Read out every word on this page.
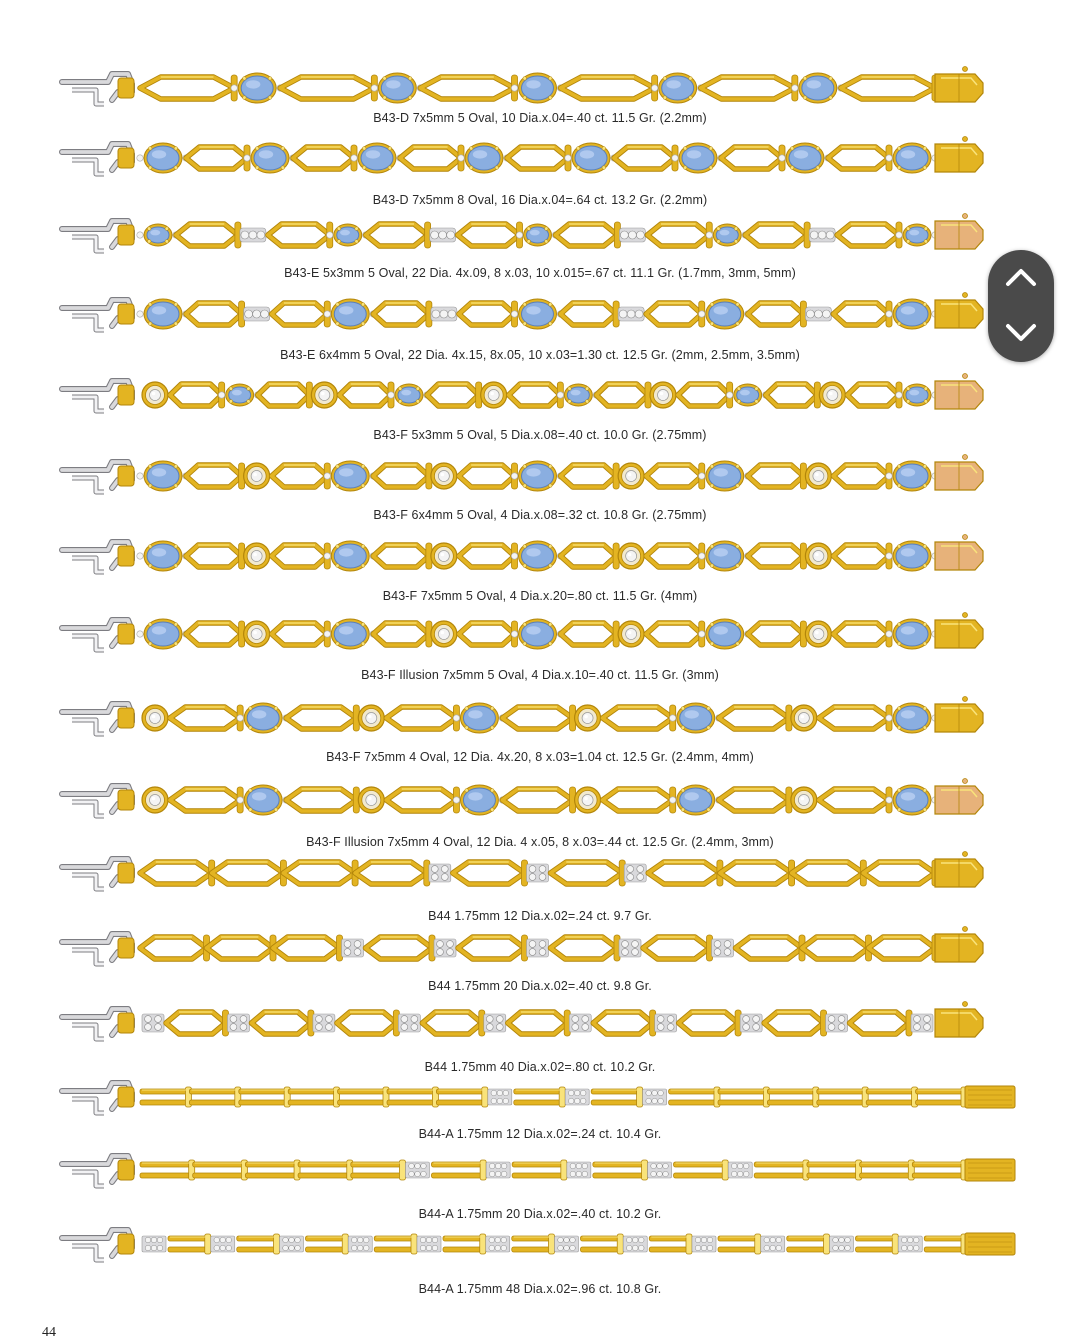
B43-D 7x5mm 5 Oval, 10 Dia.x.04=.40 ct. 11.5 Gr. (2.2mm)
B43-D 7x5mm 8 Oval, 16 Dia.x.04=.64 ct. 13.2 Gr. (2.2mm)
B43-E 5x3mm 5 Oval, 22 Dia. 4x.09, 8 x.03, 10 x.015=.67 ct. 11.1 Gr. (1.7mm, 3mm, 5mm)
B43-E 6x4mm 5 Oval, 22 Dia. 4x.15, 8x.05, 10 x.03=1.30 ct. 12.5 Gr. (2mm, 2.5mm, 3.5mm)
B43-F 5x3mm 5 Oval, 5 Dia.x.08=.40 ct. 10.0 Gr. (2.75mm)
B43-F 6x4mm 5 Oval, 4 Dia.x.08=.32 ct. 10.8 Gr. (2.75mm)
B43-F 7x5mm 5 Oval, 4 Dia.x.20=.80 ct. 11.5 Gr. (4mm)
B43-F Illusion 7x5mm 5 Oval, 4 Dia.x.10=.40 ct. 11.5 Gr. (3mm)
B43-F 7x5mm 4 Oval, 12 Dia. 4x.20, 8 x.03=1.04 ct. 12.5 Gr. (2.4mm, 4mm)
B43-F Illusion 7x5mm 4 Oval, 12 Dia. 4 x.05, 8 x.03=.44 ct. 12.5 Gr. (2.4mm, 3mm)
B44 1.75mm 12 Dia.x.02=.24 ct. 9.7 Gr.
B44 1.75mm 20 Dia.x.02=.40 ct. 9.8 Gr.
B44 1.75mm 40 Dia.x.02=.80 ct. 10.2 Gr.
B44-A 1.75mm 12 Dia.x.02=.24 ct. 10.4 Gr.
B44-A 1.75mm 20 Dia.x.02=.40 ct. 10.2 Gr.
B44-A 1.75mm 48 Dia.x.02=.96 ct. 10.8 Gr.
44
